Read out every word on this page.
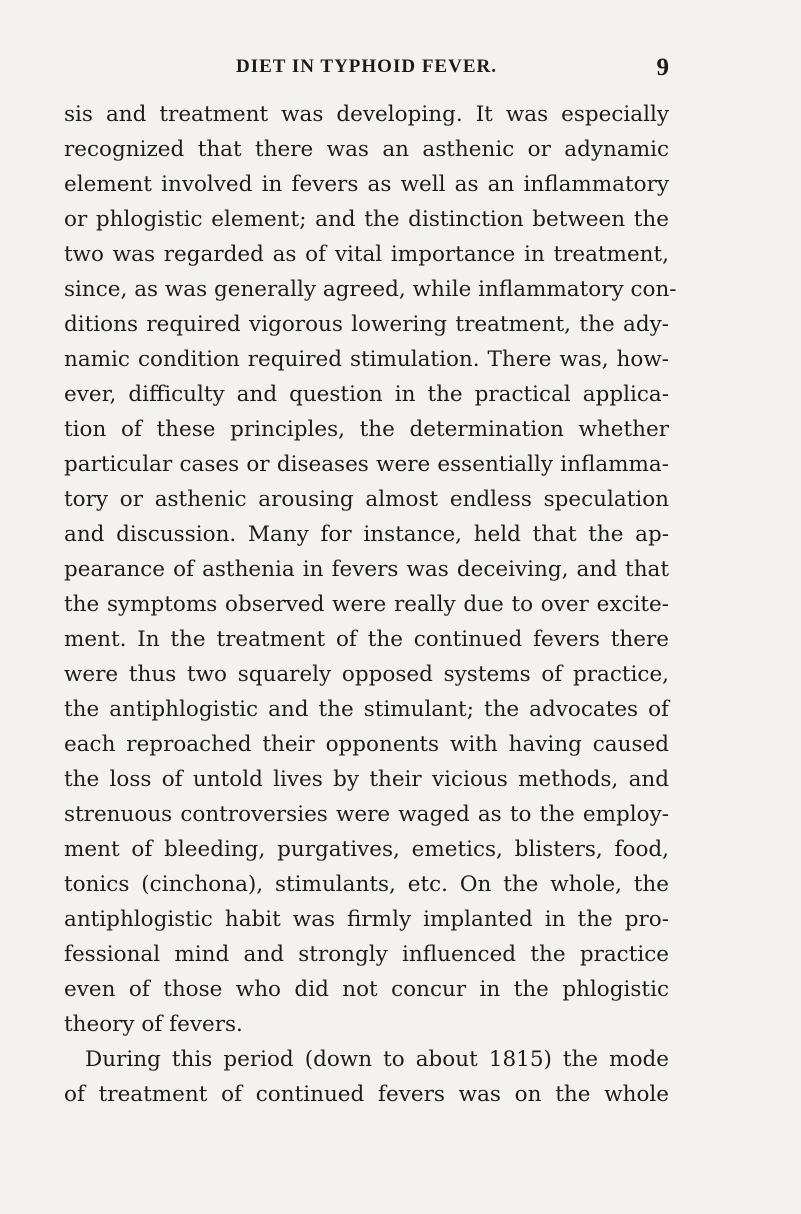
DIET IN TYPHOID FEVER.	9
sis and treatment was developing. It was especially
recognized that there was an asthenic or adynamic
element involved in fevers as well as an inflammatory
or phlogistic element; and the distinction between the
two was regarded as of vital importance in treatment,
since, as was generally agreed, while inflammatory con-
ditions required vigorous lowering treatment, the ady-
namic condition required stimulation. There was, how-
ever, difficulty and question in the practical applica-
tion of these principles, the determination whether
particular cases or diseases were essentially inflamma-
tory or asthenic arousing almost endless speculation
and discussion. Many for instance, held that the ap-
pearance of asthenia in fevers was deceiving, and that
the symptoms observed were really due to over excite-
ment. In the treatment of the continued fevers there
were thus two squarely opposed systems of practice,
the antiphlogistic and the stimulant; the advocates of
each reproached their opponents with having caused
the loss of untold lives by their vicious methods, and
strenuous controversies were waged as to the employ-
ment of bleeding, purgatives, emetics, blisters, food,
tonics (cinchona), stimulants, etc. On the whole, the
antiphlogistic habit was firmly implanted in the pro-
fessional mind and strongly influenced the practice
even of those who did not concur in the phlogistic
theory of fevers.
During this period (down to about 1815) the mode
of treatment of continued fevers was on the whole
